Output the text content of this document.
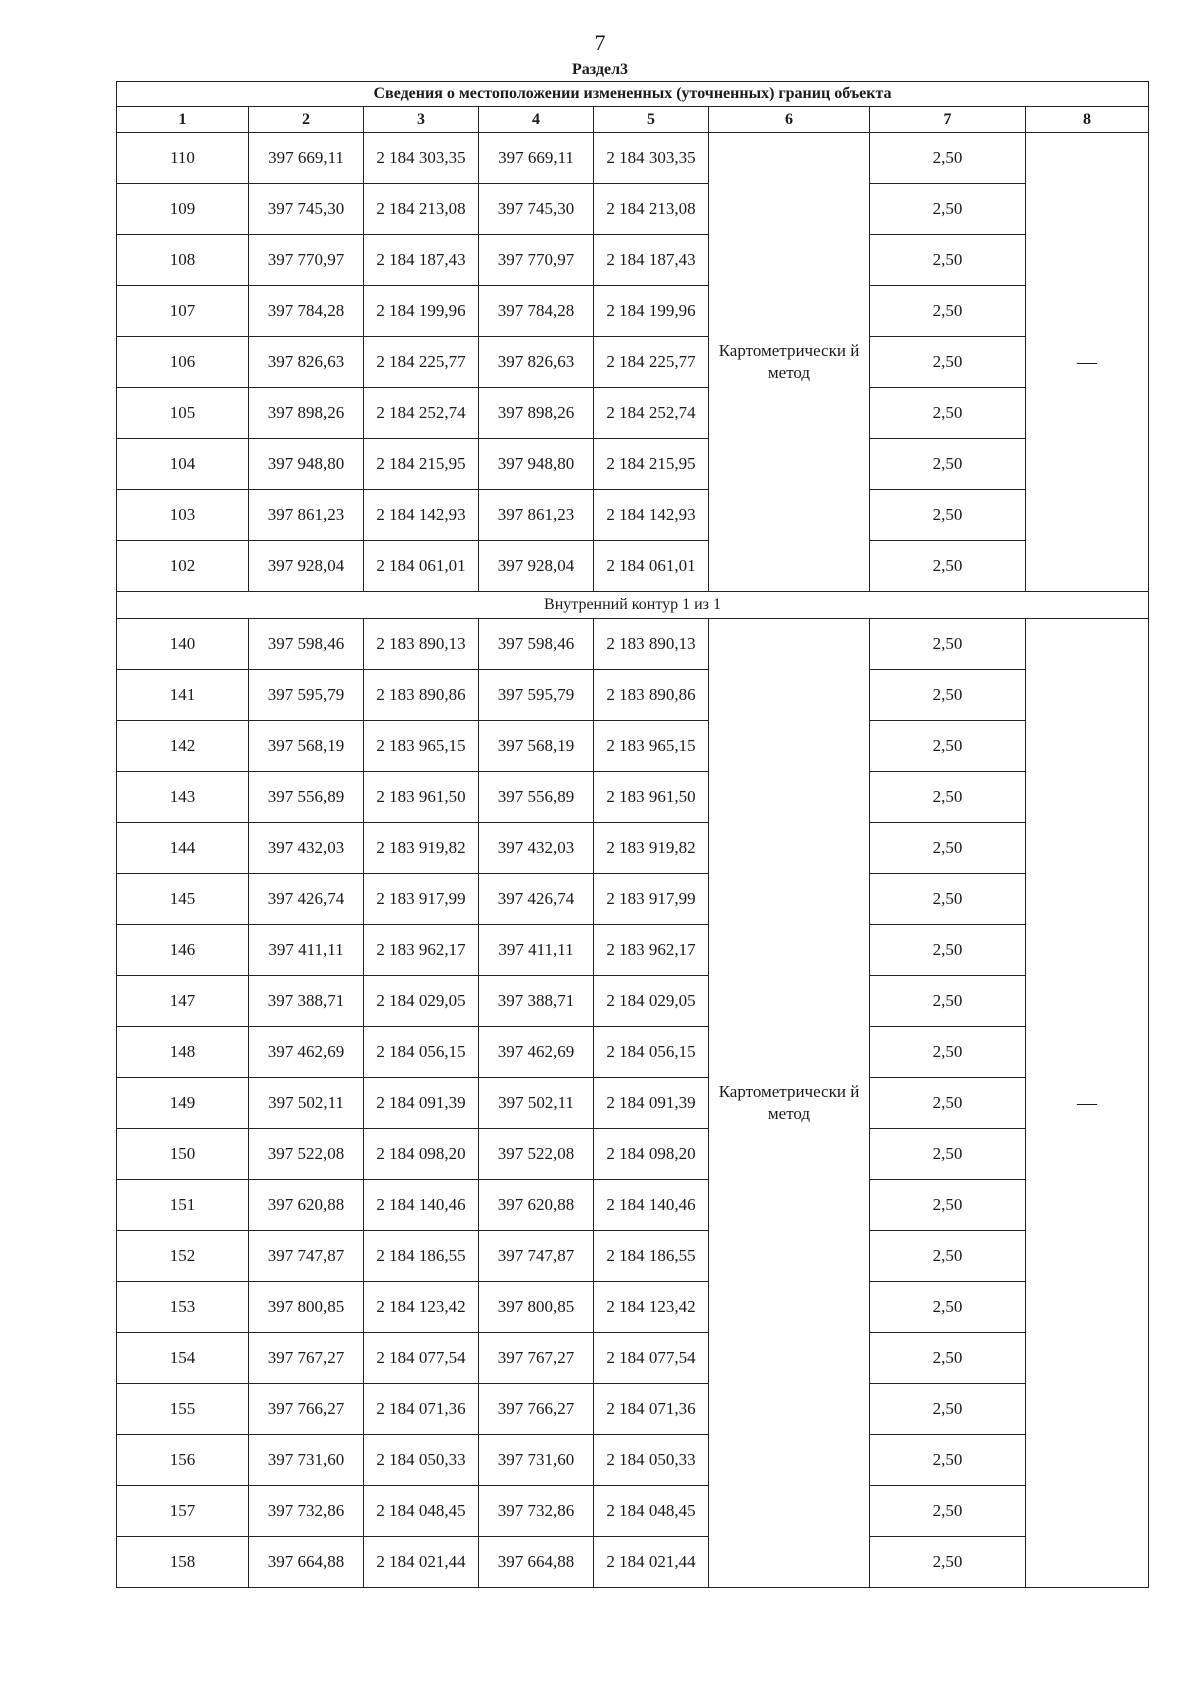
7
Раздел3
Сведения о местоположении измененных (уточненных) границ объекта							
1	2	3	4	5	6	7	8
110	397 669,11	2 184 303,35	397 669,11	2 184 303,35	Картометрически й метод	2,50	—
109	397 745,30	2 184 213,08	397 745,30	2 184 213,08		2,50	
108	397 770,97	2 184 187,43	397 770,97	2 184 187,43		2,50	
107	397 784,28	2 184 199,96	397 784,28	2 184 199,96		2,50	
106	397 826,63	2 184 225,77	397 826,63	2 184 225,77		2,50	
105	397 898,26	2 184 252,74	397 898,26	2 184 252,74		2,50	
104	397 948,80	2 184 215,95	397 948,80	2 184 215,95		2,50	
103	397 861,23	2 184 142,93	397 861,23	2 184 142,93		2,50	
102	397 928,04	2 184 061,01	397 928,04	2 184 061,01		2,50	
Внутренний контур 1 из 1							
140	397 598,46	2 183 890,13	397 598,46	2 183 890,13	Картометрически й метод	2,50	—
141	397 595,79	2 183 890,86	397 595,79	2 183 890,86		2,50	
142	397 568,19	2 183 965,15	397 568,19	2 183 965,15		2,50	
143	397 556,89	2 183 961,50	397 556,89	2 183 961,50		2,50	
144	397 432,03	2 183 919,82	397 432,03	2 183 919,82		2,50	
145	397 426,74	2 183 917,99	397 426,74	2 183 917,99		2,50	
146	397 411,11	2 183 962,17	397 411,11	2 183 962,17		2,50	
147	397 388,71	2 184 029,05	397 388,71	2 184 029,05		2,50	
148	397 462,69	2 184 056,15	397 462,69	2 184 056,15		2,50	
149	397 502,11	2 184 091,39	397 502,11	2 184 091,39		2,50	
150	397 522,08	2 184 098,20	397 522,08	2 184 098,20		2,50	
151	397 620,88	2 184 140,46	397 620,88	2 184 140,46		2,50	
152	397 747,87	2 184 186,55	397 747,87	2 184 186,55		2,50	
153	397 800,85	2 184 123,42	397 800,85	2 184 123,42		2,50	
154	397 767,27	2 184 077,54	397 767,27	2 184 077,54		2,50	
155	397 766,27	2 184 071,36	397 766,27	2 184 071,36		2,50	
156	397 731,60	2 184 050,33	397 731,60	2 184 050,33		2,50	
157	397 732,86	2 184 048,45	397 732,86	2 184 048,45		2,50	
158	397 664,88	2 184 021,44	397 664,88	2 184 021,44		2,50	
